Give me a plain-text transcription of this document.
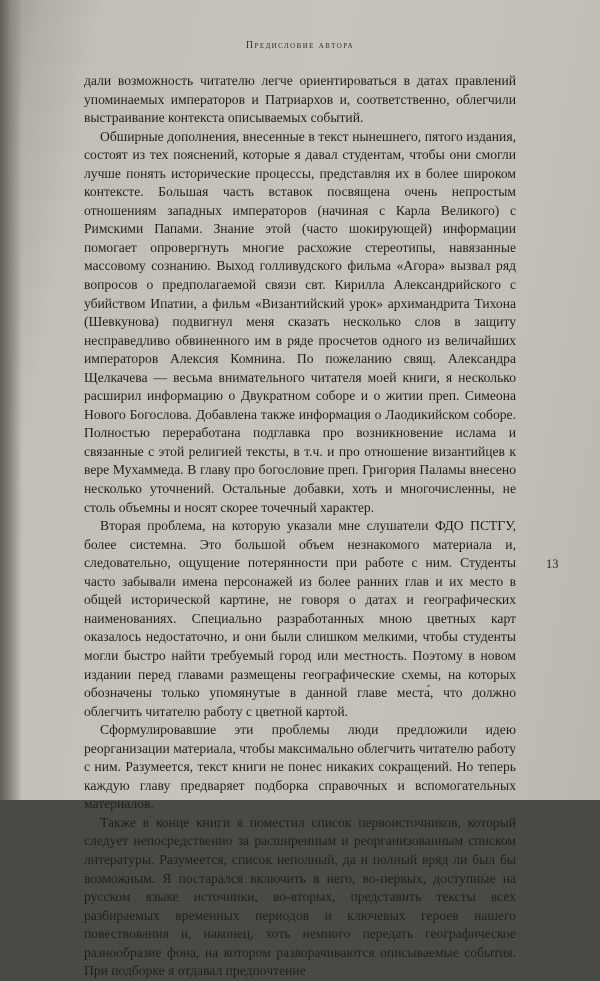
Предисловие автора

дали возможность читателю легче ориентироваться в датах правлений упоминаемых императоров и Патриархов и, соответственно, облегчили выстраивание контекста описываемых событий.

Обширные дополнения, внесенные в текст нынешнего, пятого издания, состоят из тех пояснений, которые я давал студентам, чтобы они смогли лучше понять исторические процессы, представляя их в более широком контексте. Большая часть вставок посвящена очень непростым отношениям западных императоров (начиная с Карла Великого) с Римскими Папами. Знание этой (часто шокирующей) информации помогает опровергнуть многие расхожие стереотипы, навязанные массовому сознанию. Выход голливудского фильма «Агора» вызвал ряд вопросов о предполагаемой связи свт. Кирилла Александрийского с убийством Ипатии, а фильм «Византийский урок» архимандрита Тихона (Шевкунова) подвигнул меня сказать несколько слов в защиту несправедливо обвиненного им в ряде просчетов одного из величайших императоров Алексия Комнина. По пожеланию свящ. Александра Щелкачева — весьма внимательного читателя моей книги, я несколько расширил информацию о Двукратном соборе и о житии преп. Симеона Нового Богослова. Добавлена также информация о Лаодикийском соборе. Полностью переработана подглавка про возникновение ислама и связанные с этой религией тексты, в т.ч. и про отношение византийцев к вере Мухаммеда. В главу про богословие преп. Григория Паламы внесено несколько уточнений. Остальные добавки, хоть и многочисленны, не столь объемны и носят скорее точечный характер.

Вторая проблема, на которую указали мне слушатели ФДО ПСТГУ, более системна. Это большой объем незнакомого материала и, следовательно, ощущение потерянности при работе с ним. Студенты часто забывали имена персонажей из более ранних глав и их место в общей исторической картине, не говоря о датах и географических наименованиях. Специально разработанных мною цветных карт оказалось недостаточно, и они были слишком мелкими, чтобы студенты могли быстро найти требуемый город или местность. Поэтому в новом издании перед главами размещены географические схемы, на которых обозначены только упомянутые в данной главе места́, что должно облегчить читателю работу с цветной картой.

Сформулировавшие эти проблемы люди предложили идею реорганизации материала, чтобы максимально облегчить читателю работу с ним. Разумеется, текст книги не понес никаких сокращений. Но теперь каждую главу предваряет подборка справочных и вспомогательных материалов.

Также в конце книги я поместил список первоисточников, который следует непосредственно за расширенным и реорганизованным списком литературы. Разумеется, список неполный, да и полный вряд ли был бы возможным. Я постарался включить в него, во-первых, доступные на русском языке источники, во-вторых, представить тексты всех разбираемых временных периодов и ключевых героев нашего повествования и, наконец, хоть немного передать географическое разнообразие фона, на котором разворачиваются описываемые события. При подборке я отдавал предпочтение

13
